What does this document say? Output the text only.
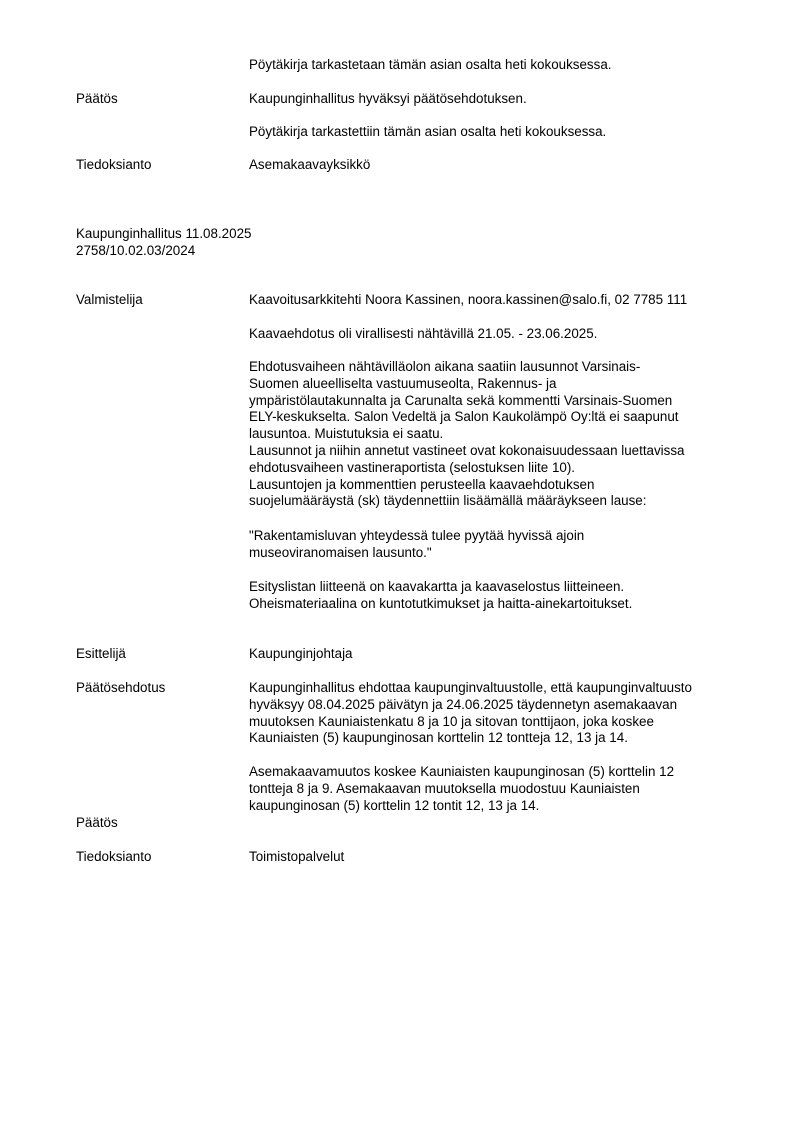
Pöytäkirja tarkastetaan tämän asian osalta heti kokouksessa.
Päätös	Kaupunginhallitus hyväksyi päätösehdotuksen.
Pöytäkirja tarkastettiin tämän asian osalta heti kokouksessa.
Tiedoksianto	Asemakaavayksikkö
Kaupunginhallitus 11.08.2025
2758/10.02.03/2024
Valmistelija	Kaavoitusarkkitehti Noora Kassinen, noora.kassinen@salo.fi, 02 7785 111
Kaavaehdotus oli virallisesti nähtävillä 21.05. - 23.06.2025.
Ehdotusvaiheen nähtävilläolon aikana saatiin lausunnot Varsinais-
Suomen alueelliselta vastuumuseolta, Rakennus- ja
ympäristölautakunnalta ja Carunalta sekä kommentti Varsinais-Suomen
ELY-keskukselta. Salon Vedeltä ja Salon Kaukolämpö Oy:ltä ei saapunut
lausuntoa. Muistutuksia ei saatu.
Lausunnot ja niihin annetut vastineet ovat kokonaisuudessaan luettavissa
ehdotusvaiheen vastineraportista (selostuksen liite 10).
Lausuntojen ja kommenttien perusteella kaavaehdotuksen
suojelumääräystä (sk) täydennettiin lisäämällä määräykseen lause:
"Rakentamisluvan yhteydessä tulee pyytää hyvissä ajoin
museoviranomaisen lausunto."
Esityslistan liitteenä on kaavakartta ja kaavaselostus liitteineen.
Oheismateriaalina on kuntotutkimukset ja haitta-ainekartoitukset.
Esittelijä	Kaupunginjohtaja
Päätösehdotus	Kaupunginhallitus ehdottaa kaupunginvaltuustolle, että kaupunginvaltuusto
hyväksyy 08.04.2025 päivätyn ja 24.06.2025 täydennetyn asemakaavan
muutoksen Kauniaistenkatu 8 ja 10 ja sitovan tonttijaon, joka koskee
Kauniaisten (5) kaupunginosan korttelin 12 tontteja 12, 13 ja 14.
Asemakaavamuutos koskee Kauniaisten kaupunginosan (5) korttelin 12
tontteja 8 ja 9. Asemakaavan muutoksella muodostuu Kauniaisten
kaupunginosan (5) korttelin 12 tontit 12, 13 ja 14.
Päätös
Tiedoksianto	Toimistopalvelut
